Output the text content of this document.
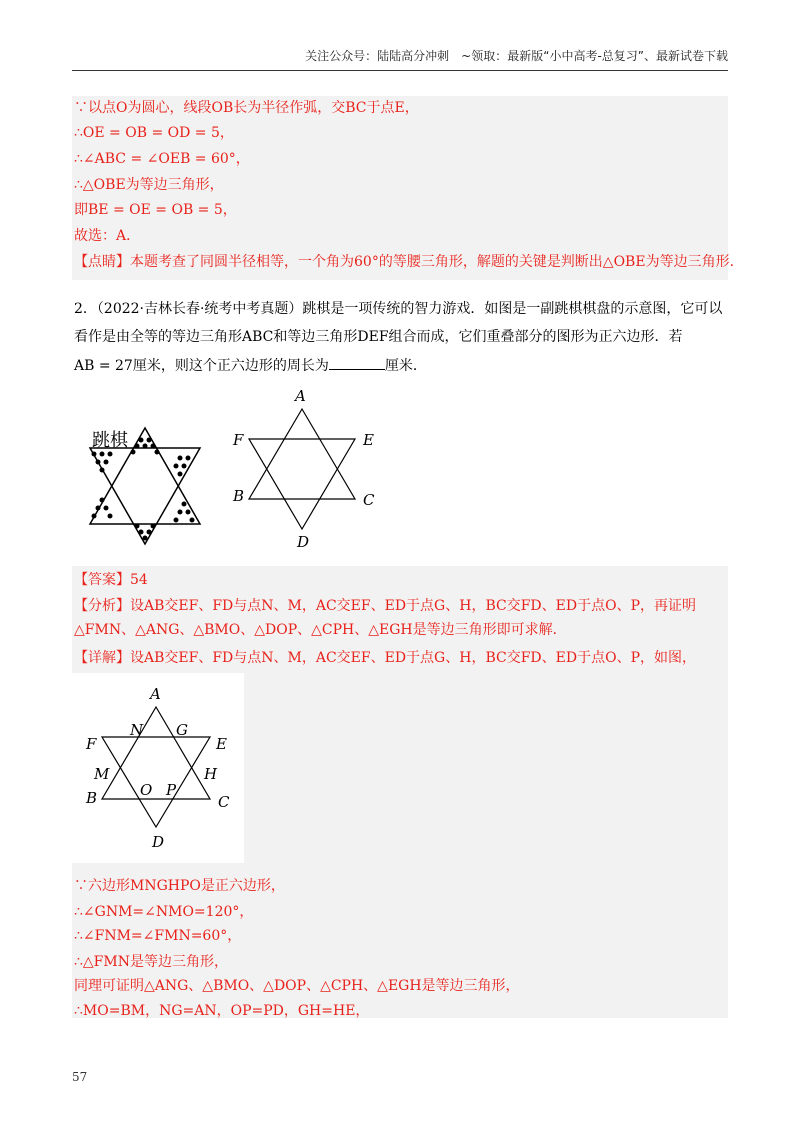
关注公众号：陆陆高分冲刺　~领取：最新版“小中高考-总复习”、最新试卷下载
∵以点O为圆心，线段OB长为半径作弧，交BC于点E，
∴OE = OB = OD = 5，
∴∠ABC = ∠OEB = 60°，
∴△OBE为等边三角形，
即BE = OE = OB = 5，
故选：A．
【点睛】本题考查了同圆半径相等，一个角为60°的等腰三角形，解题的关键是判断出△OBE为等边三角形．
2．（2022·吉林长春·统考中考真题）跳棋是一项传统的智力游戏．如图是一副跳棋棋盘的示意图，它可以
看作是由全等的等边三角形ABC和等边三角形DEF组合而成，它们重叠部分的图形为正六边形．若
AB = 27厘米，则这个正六边形的周长为	厘米．
跳棋
A
F	E
B	C
D
【答案】54
【分析】设AB交EF、FD与点N、M，AC交EF、ED于点G、H，BC交FD、ED于点O、P，再证明
△FMN、△ANG、△BMO、△DOP、△CPH、△EGH是等边三角形即可求解．
【详解】设AB交EF、FD与点N、M，AC交EF、ED于点G、H，BC交FD、ED于点O、P，如图，
A
N G
F	E
M	H
B	O P
C
D
∵六边形MNGHPO是正六边形，
∴∠GNM=∠NMO=120°，
∴∠FNM=∠FMN=60°，
∴△FMN是等边三角形，
同理可证明△ANG、△BMO、△DOP、△CPH、△EGH是等边三角形，
∴MO=BM，NG=AN，OP=PD，GH=HE，
57
